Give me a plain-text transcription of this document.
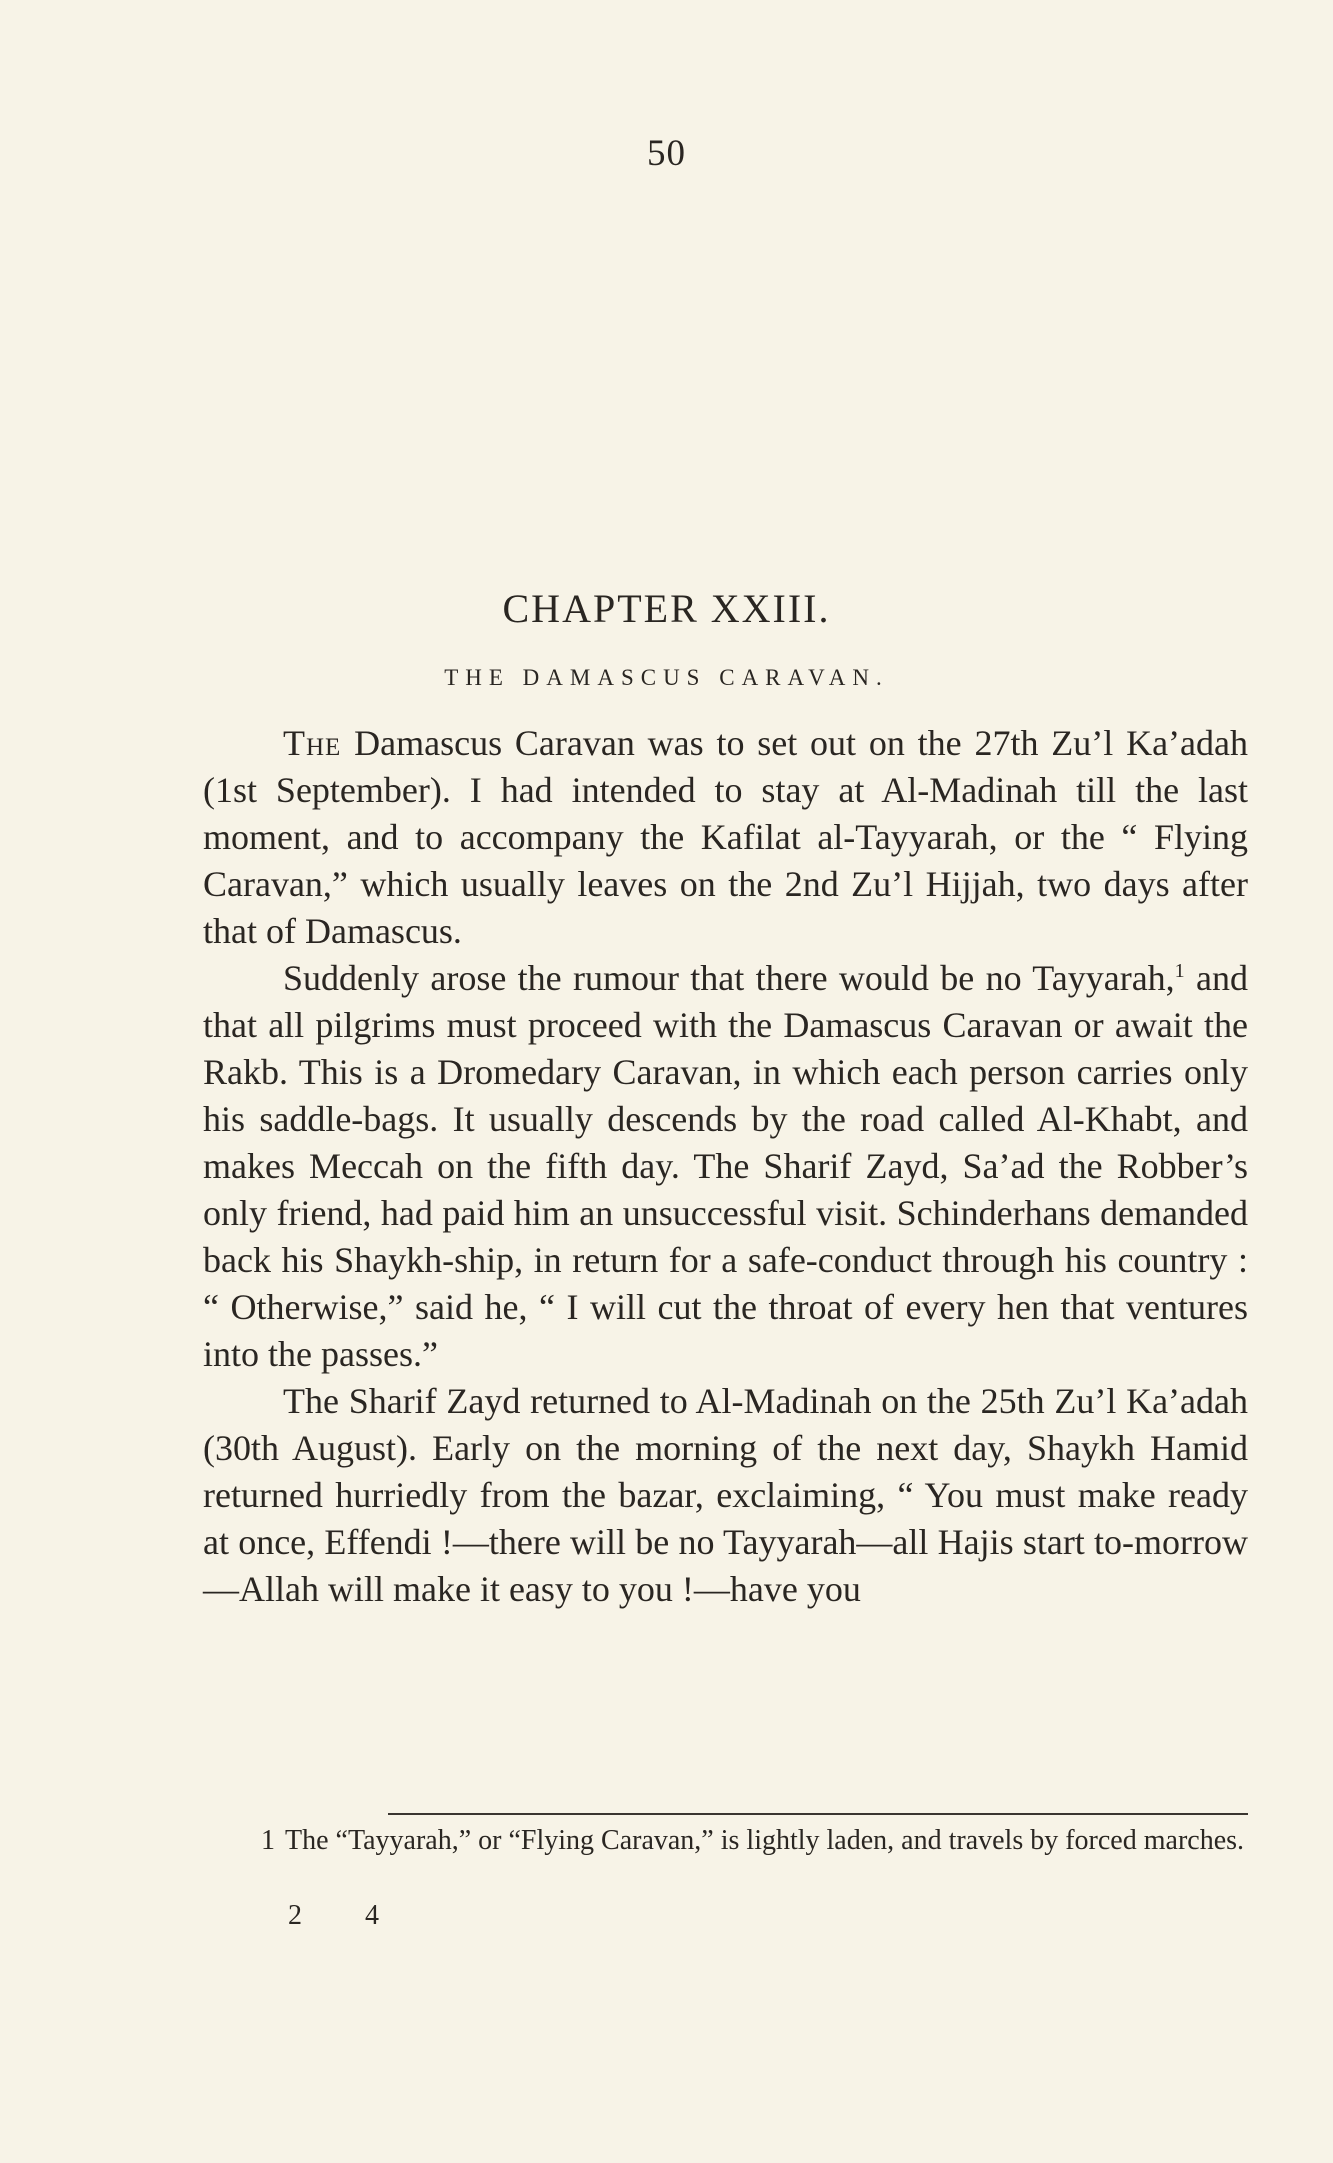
50
CHAPTER XXIII.
THE DAMASCUS CARAVAN.

The Damascus Caravan was to set out on the 27th Zu’l Ka’adah (1st September). I had intended to stay at Al-Madinah till the last moment, and to accompany the Kafilat al-Tayyarah, or the “ Flying Caravan,” which usually leaves on the 2nd Zu’l Hijjah, two days after that of Damascus.

Suddenly arose the rumour that there would be no Tayyarah,$^1$ and that all pilgrims must proceed with the Damascus Caravan or await the Rakb. This is a Dromedary Caravan, in which each person carries only his saddle-bags. It usually descends by the road called Al-Khabt, and makes Meccah on the fifth day. The Sharif Zayd, Sa’ad the Robber’s only friend, had paid him an unsuccessful visit. Schinderhans demanded back his Shaykh-ship, in return for a safe-conduct through his country : “ Otherwise,” said he, “ I will cut the throat of every hen that ventures into the passes.”

The Sharif Zayd returned to Al-Madinah on the 25th Zu’l Ka’adah (30th August). Early on the morning of the next day, Shaykh Hamid returned hurriedly from the bazar, exclaiming, “ You must make ready at once, Effendi !—there will be no Tayyarah—all Hajis start to-morrow—Allah will make it easy to you !—have you

1 The “Tayyarah,” or “Flying Caravan,” is lightly laden, and travels by forced marches.
2 4
